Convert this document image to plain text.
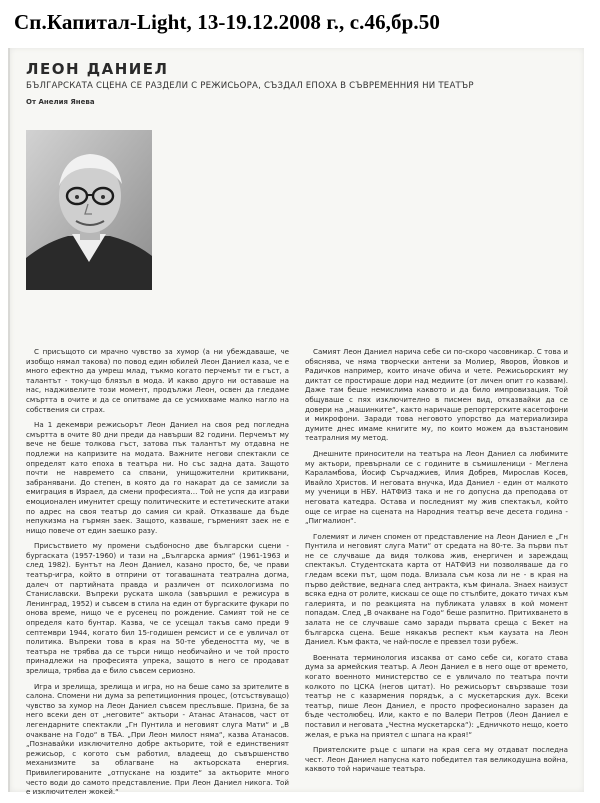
Сп.Капитал-Light, 13-19.12.2008 г., с.46,бр.50
ЛЕОН ДАНИЕЛ
БЪЛГАРСКАТА СЦЕНА СЕ РАЗДЕЛИ С РЕЖИСЬОРА, СЪЗДАЛ ЕПОХА В СЪВРЕМЕННИЯ НИ ТЕАТЪР
От Анелия Янева

С присъщото си мрачно чувство за хумор (а ни убеждаваше, че изобщо нямал такова) по повод един юбилей Леон Даниел каза, че е много ефектно да умреш млад, тъкмо когато перчемът ти е гъст, а талантът - току-що блязъл в мода. И какво друго ни оставаше на нас, надживелите този момент, продължи Леон, освен да гледаме смъртта в очите и да се опитваме да се усмихваме малко нагло на собствения си страх.

На 1 декември режисьорът Леон Даниел на своя ред погледна смъртта в очите 80 дни преди да навърши 82 години. Перчемът му вече не беше толкова гъст, затова пък талантът му отдавна не подлежи на капризите на модата. Важните негови спектакли се определят като епоха в театъра ни. Но със задна дата. Защото почти не навремето са спвани, унищожителни критиквани, забранявани. До степен, в която да го накарат да се замисли за емиграция в Израел, да смени професията… Той не успя да изграви емоционален имунитет срещу политическите и естетическите атаки по адрес на своя театър до самия си край. Отказваше да бъде непукизма на гърмян заек. Защото, казваше, гърменият заек не е нищо повече от един заешко разу.

Присъствието му промени съдбоносно две български сцени - бургаската (1957-1960) и тази на „Българска армия“ (1961-1963 и след 1982). Бунтът на Леон Даниел, казано просто, бе, че прави театър-игра, който в отприни от тогавашната театрална догма, далеч от партийната правда и различен от психологизма по Станиславски. Въпреки руската школа (завършил е режисура в Ленинград, 1952) и съвсем в стила на един от бургаските фукари по онова време, нищо че е русенец по рождение. Самият той не се определя като бунтар. Казва, че се усещал такъв само преди 9 септември 1944, когато бил 15-годишен ремсист и се е увличал от политика. Въпреки това в края на 50-те убедеността му, че в театъра не трябва да се търси нищо необичайно и че той просто принадлежи на професията упрека, защото в него се продават зрелища, трябва да е било съвсем сериозно.

Игра и зрелища, зрелища и игра, но на беше само за зрителите в салона. Спомени ни дума за репетиционния процес, (отсъствуващо) чувство за хумор на Леон Даниел съвсем преслъвше. Призна, бе за него всеки ден от „неговите“ актьори - Атанас Атанасов, част от легендарните спектакли „Гн Пунтила и неговият слуга Мати“ и „В очакване на Годо“ в ТБА. „При Леон милост няма“, казва Атанасов. „Познавайки изключително добре актьорите, той е единственият режисьор, с когото съм работил, владеещ до съвършенство механизмите за облагване на актьорската енергия. Привилегированите „отпускане на юздите“ за актьорите много често води до самото представление. При Леон Даниел никога. Той е изключителен жокей.“

Самият Леон Даниел нарича себе си по-скоро часовникар. С това и обяснява, че няма творчески антени за Молиер, Яворов, Йовков и Радичков например, които иначе обича и чете. Режисьорският му диктат се простираше дори над медиите (от личен опит го казвам). Даже там беше немислима каквото и да било импровизация. Той общуваше с пях изключително в писмен вид, отказвайки да се довери на „машинките“, както наричаше репортерските касетофони и микрофони. Заради това неговото упорство да материализира думите днес имаме книгите му, по които можем да възстановим театралния му метод.

Днешните приносители на театъра на Леон Даниел са любимите му актьори, превърнали се с годините в съмишленици - Меглена Караламбова, Йосиф Сърчаджиев, Илия Добрев, Мирослав Косев, Ивайло Христов. И неговата внучка, Ида Даниел - един от малкото му ученици в НБУ. НАТФИЗ така и не го допусна да преподава от неговата катедра. Остава и последният му жив спектакъл, който още се играе на сцената на Народния театър вече десета година - „Пигмалион“.

Големият и личен спомен от представление на Леон Даниел е „Гн Пунтила и неговият слуга Мати“ от средата на 80-те. За първи път не се случваше да видя толкова жив, енергичен и зареждащ спектакъл. Студентската карта от НАТФИЗ ни позволяваше да го гледам всеки път, щом пода. Влизала съм коза ли не - в края на първо действие, веднага след антракта, към финала. Знаех наизуст всяка една от ролите, кискаш се още по стълбите, докато тичах към галерията, и по реакцията на публиката улавях в кой момент попадам. След „В очакване на Годо“ беше разпитно. Притихването в залата не се случваше само заради първата среща с Бекет на българска сцена. Беше някакъв респект към каузата на Леон Даниел. Към факта, че най-после е превзел този рубеж.

Военната терминология изсаква от само себе си, когато става дума за армейския театър. А Леон Даниел е в него още от времето, когато военното министерство се е увличало по театъра почти колкото по ЦСКА (негов цитат). Но режисьорът свързваше този театър не с казармения порядък, а с мускетарския дух. Всеки театър, пише Леон Даниел, е просто професионално заразен да бъде честолюбец. Или, както е по Валери Петров (Леон Даниел е поставил и неговата „Честна мускетарска“): „Едничкото нещо, което желая, е ръка на приятел с шпага на края!“

Приятелските ръце с шпаги на края сега му отдават последна чест. Леон Даниел напусна като победител тая великодушна война, каквото той наричаше театъра.
